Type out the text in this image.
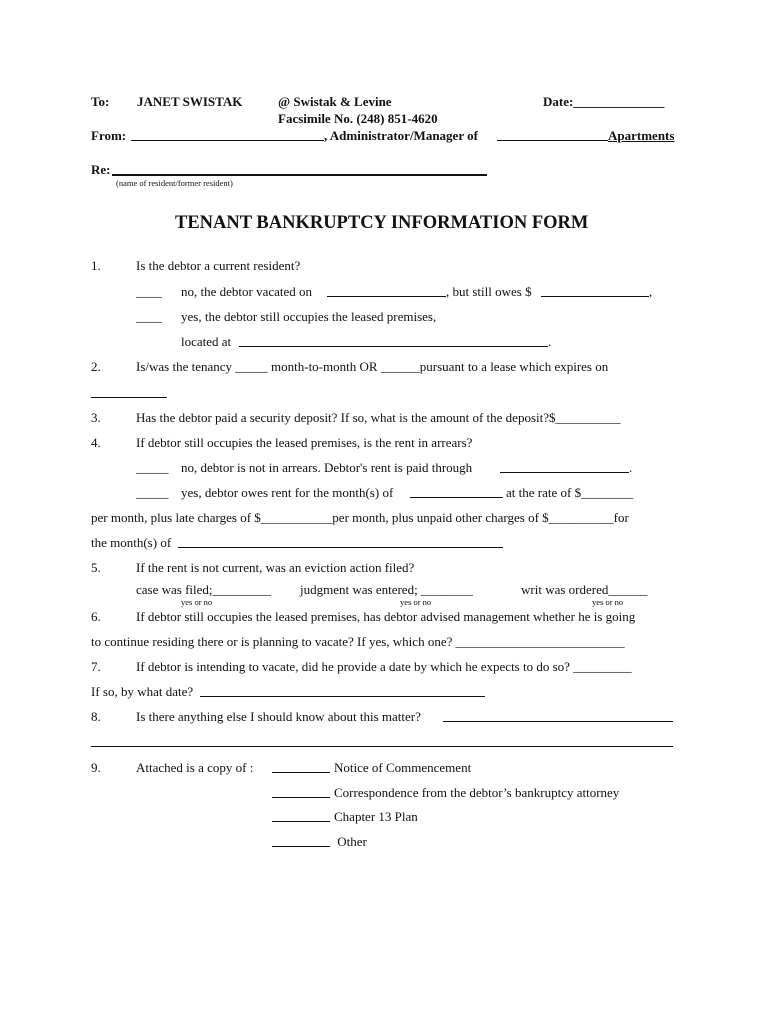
To: JANET SWISTAK	@ Swistak & Levine
Facsimile No. (248) 851-4620
Date:______________
From:	, Administrator/Manager of	Apartments
Re:
(name of resident/former resident)
TENANT BANKRUPTCY INFORMATION FORM
1.	Is the debtor a current resident?
____ no, the debtor vacated on	, but still owes $	,
____ yes, the debtor still occupies the leased premises,
located at	.
2.	Is/was the tenancy _____ month-to-month OR ______pursuant to a lease which expires on
3.	Has the debtor paid a security deposit? If so, what is the amount of the deposit?$__________
4.	If debtor still occupies the leased premises, is the rent in arrears?
_____ no, debtor is not in arrears. Debtor's rent is paid through	.
_____ yes, debtor owes rent for the month(s) of	at the rate of $________
per month, plus late charges of $___________per month, plus unpaid other charges of $__________for
the month(s) of
5.	If the rent is not current, was an eviction action filed?
case was filed;_________ judgment was entered; ________	writ was ordered______
yes or no	yes or no	yes or no
6.	If debtor still occupies the leased premises, has debtor advised management whether he is going
to continue residing there or is planning to vacate? If yes, which one? __________________________
7.	If debtor is intending to vacate, did he provide a date by which he expects to do so? _________
If so, by what date?
8.	Is there anything else I should know about this matter?
9.	Attached is a copy of :	Notice of Commencement
Correspondence from the debtor’s bankruptcy attorney
Chapter 13 Plan
Other
